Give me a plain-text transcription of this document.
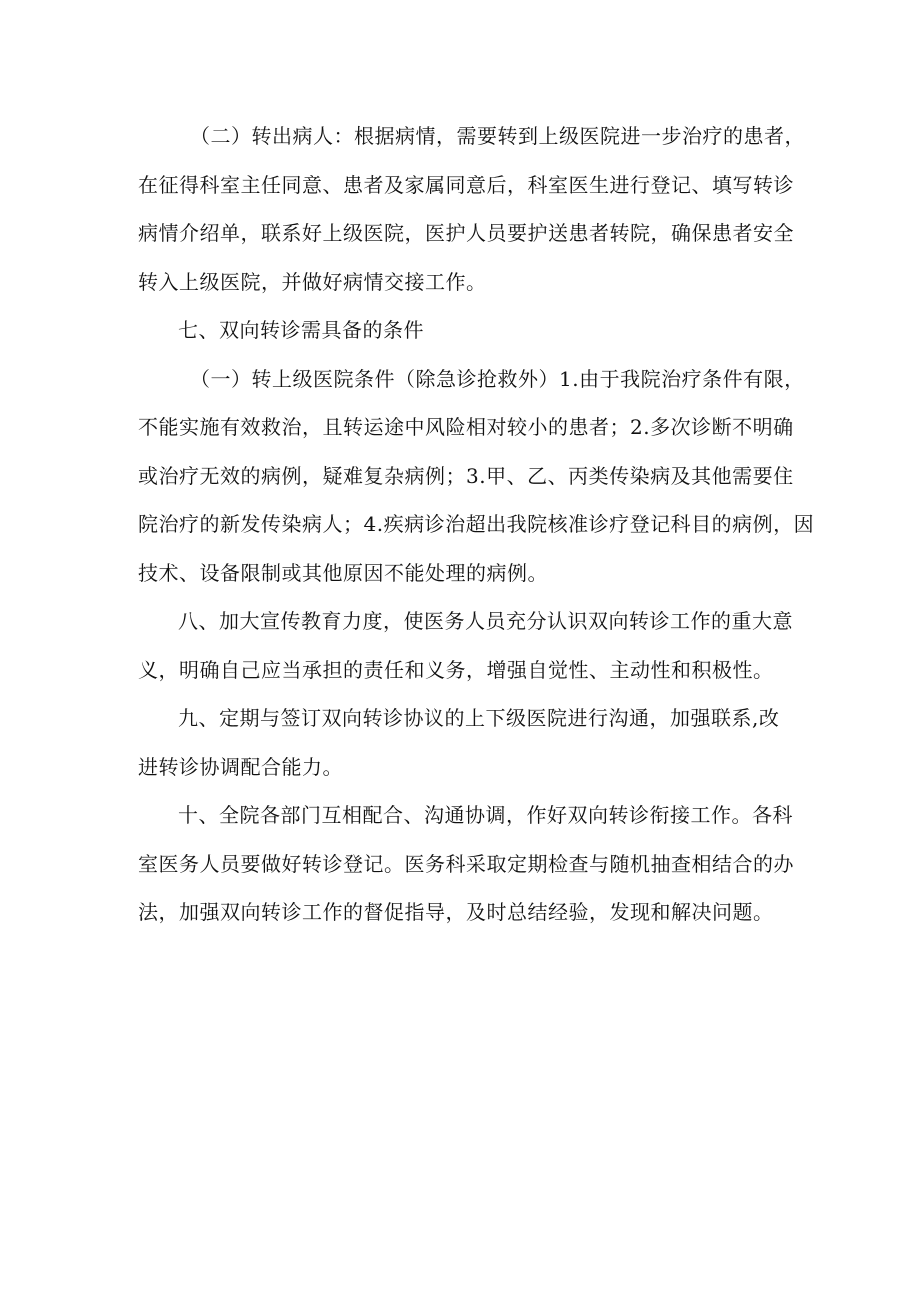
（二）转出病人：根据病情，需要转到上级医院进一步治疗的患者，
在征得科室主任同意、患者及家属同意后，科室医生进行登记、填写转诊
病情介绍单，联系好上级医院，医护人员要护送患者转院，确保患者安全
转入上级医院，并做好病情交接工作。

七、双向转诊需具备的条件

（一）转上级医院条件（除急诊抢救外）1.由于我院治疗条件有限，
不能实施有效救治，且转运途中风险相对较小的患者；2.多次诊断不明确
或治疗无效的病例，疑难复杂病例；3.甲、乙、丙类传染病及其他需要住
院治疗的新发传染病人；4.疾病诊治超出我院核准诊疗登记科目的病例，因
技术、设备限制或其他原因不能处理的病例。

八、加大宣传教育力度，使医务人员充分认识双向转诊工作的重大意
义，明确自己应当承担的责任和义务，增强自觉性、主动性和积极性。

九、定期与签订双向转诊协议的上下级医院进行沟通，加强联系,改
进转诊协调配合能力。

十、全院各部门互相配合、沟通协调，作好双向转诊衔接工作。各科
室医务人员要做好转诊登记。医务科采取定期检查与随机抽查相结合的办
法，加强双向转诊工作的督促指导，及时总结经验，发现和解决问题。
